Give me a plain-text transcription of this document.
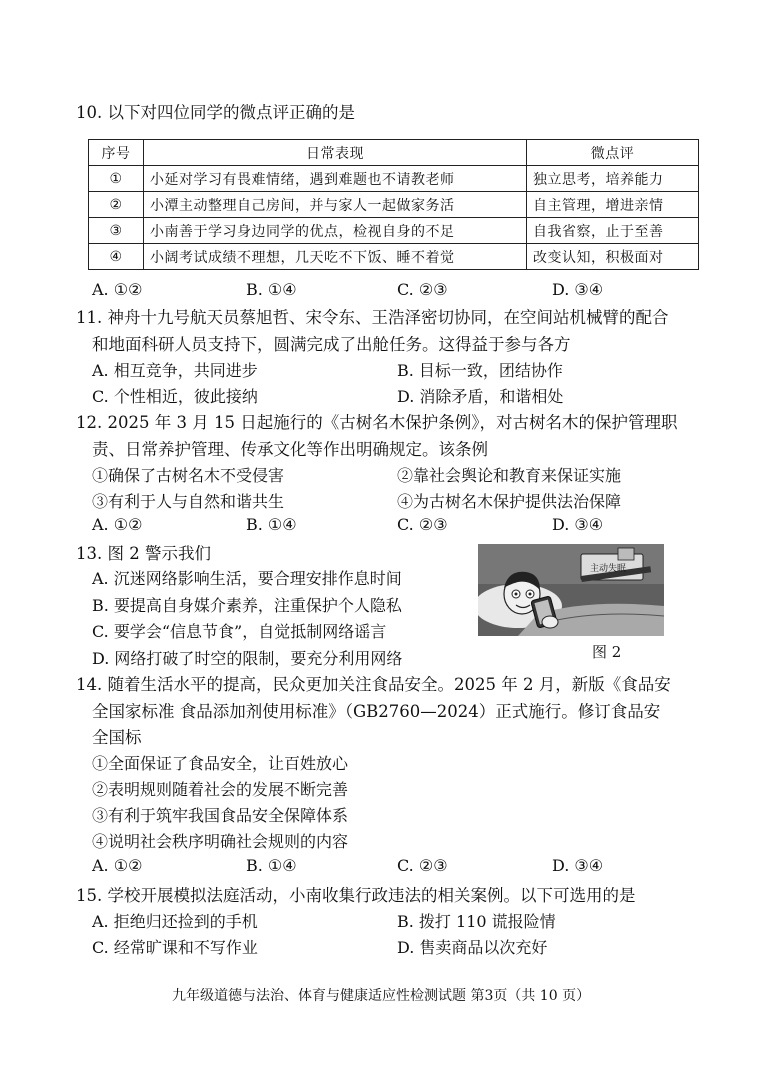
10. 以下对四位同学的微点评正确的是
序号	日常表现	微点评
①	小延对学习有畏难情绪，遇到难题也不请教老师	独立思考，培养能力
②	小潭主动整理自己房间，并与家人一起做家务活	自主管理，增进亲情
③	小南善于学习身边同学的优点，检视自身的不足	自我省察，止于至善
④	小阔考试成绩不理想，几天吃不下饭、睡不着觉	改变认知，积极面对
A. ①②	B. ①④	C. ②③	D. ③④
11. 神舟十九号航天员蔡旭哲、宋令东、王浩泽密切协同，在空间站机械臂的配合
和地面科研人员支持下，圆满完成了出舱任务。这得益于参与各方
A. 相互竞争，共同进步	B. 目标一致，团结协作
C. 个性相近，彼此接纳	D. 消除矛盾，和谐相处
12. 2025 年 3 月 15 日起施行的《古树名木保护条例》，对古树名木的保护管理职
责、日常养护管理、传承文化等作出明确规定。该条例
①确保了古树名木不受侵害	②靠社会舆论和教育来保证实施
③有利于人与自然和谐共生	④为古树名木保护提供法治保障
A. ①②	B. ①④	C. ②③	D. ③④
13. 图 2 警示我们
A. 沉迷网络影响生活，要合理安排作息时间
B. 要提高自身媒介素养，注重保护个人隐私
C. 要学会“信息节食”，自觉抵制网络谣言
D. 网络打破了时空的限制，要充分利用网络
主动失眠
图 2
14. 随着生活水平的提高，民众更加关注食品安全。2025 年 2 月，新版《食品安
全国家标准 食品添加剂使用标准》（GB2760—2024）正式施行。修订食品安
全国标
①全面保证了食品安全，让百姓放心
②表明规则随着社会的发展不断完善
③有利于筑牢我国食品安全保障体系
④说明社会秩序明确社会规则的内容
A. ①②	B. ①④	C. ②③	D. ③④
15. 学校开展模拟法庭活动，小南收集行政违法的相关案例。以下可选用的是
A. 拒绝归还捡到的手机	B. 拨打 110 谎报险情
C. 经常旷课和不写作业	D. 售卖商品以次充好
九年级道德与法治、体育与健康适应性检测试题 第3页（共 10 页）
